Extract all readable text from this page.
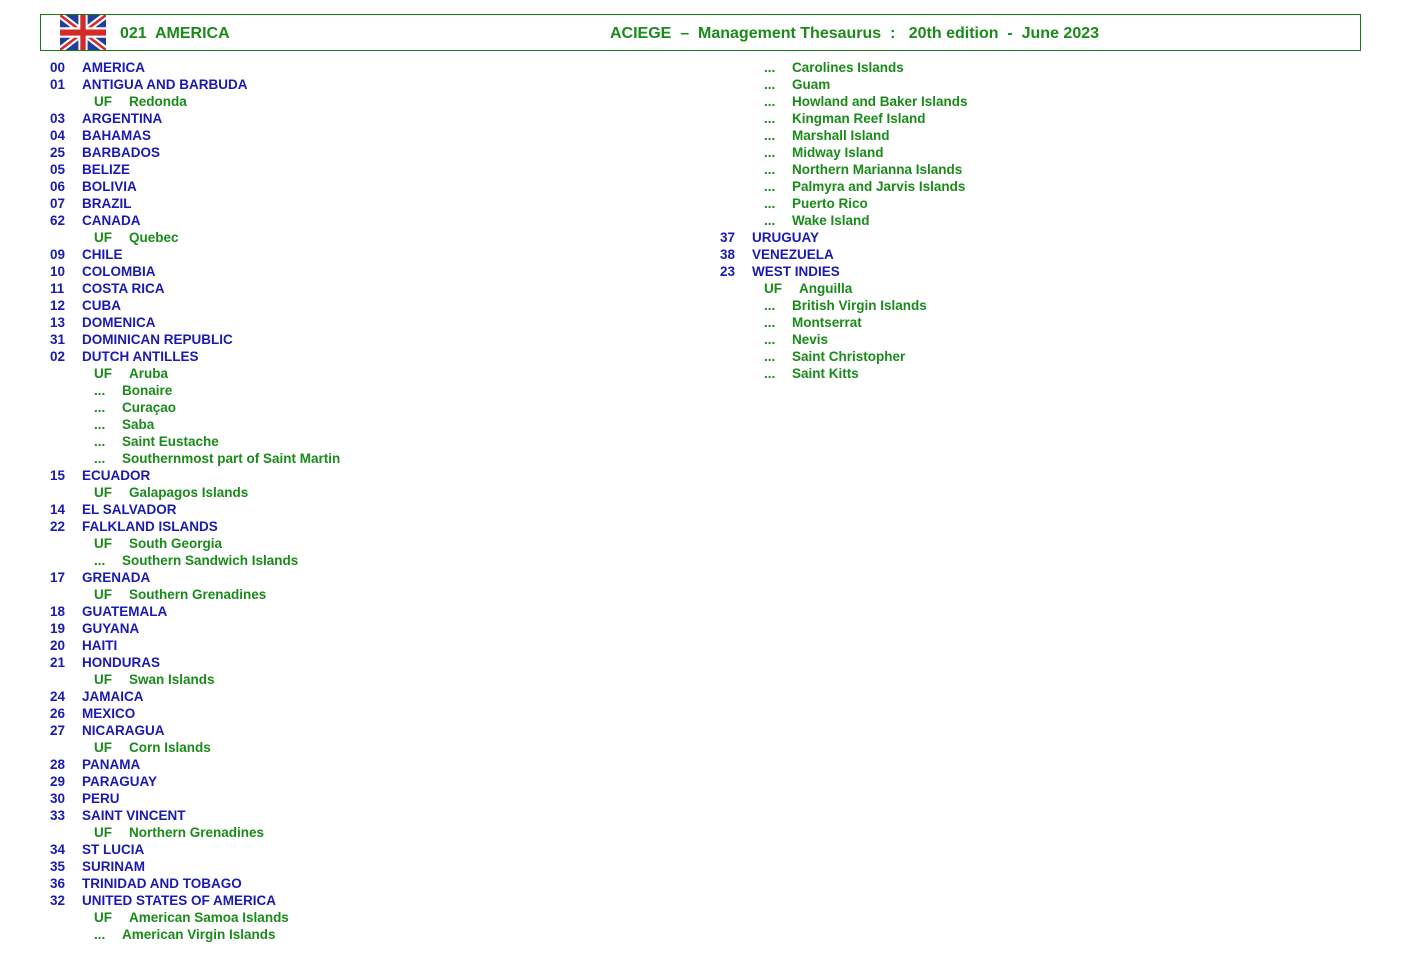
021  AMERICA	ACIEGE  –  Management Thesaurus  :   20th edition  -  June 2023
00 AMERICA
01 ANTIGUA AND BARBUDA
UF Redonda
03 ARGENTINA
04 BAHAMAS
25 BARBADOS
05 BELIZE
06 BOLIVIA
07 BRAZIL
62 CANADA
UF Quebec
09 CHILE
10 COLOMBIA
11 COSTA RICA
12 CUBA
13 DOMENICA
31 DOMINICAN REPUBLIC
02 DUTCH ANTILLES
UF Aruba
... Bonaire
... Curaçao
... Saba
... Saint Eustache
... Southernmost part of Saint Martin
15 ECUADOR
UF Galapagos Islands
14 EL SALVADOR
22 FALKLAND ISLANDS
UF South Georgia
... Southern Sandwich Islands
17 GRENADA
UF Southern Grenadines
18 GUATEMALA
19 GUYANA
20 HAITI
21 HONDURAS
UF Swan Islands
24 JAMAICA
26 MEXICO
27 NICARAGUA
UF Corn Islands
28 PANAMA
29 PARAGUAY
30 PERU
33 SAINT VINCENT
UF Northern Grenadines
34 ST LUCIA
35 SURINAM
36 TRINIDAD AND TOBAGO
32 UNITED STATES OF AMERICA
UF American Samoa Islands
... American Virgin Islands
... Carolines Islands
... Guam
... Howland and Baker Islands
... Kingman Reef Island
... Marshall Island
... Midway Island
... Northern Marianna Islands
... Palmyra and Jarvis Islands
... Puerto Rico
... Wake Island
37 URUGUAY
38 VENEZUELA
23 WEST INDIES
UF Anguilla
... British Virgin Islands
... Montserrat
... Nevis
... Saint Christopher
... Saint Kitts
